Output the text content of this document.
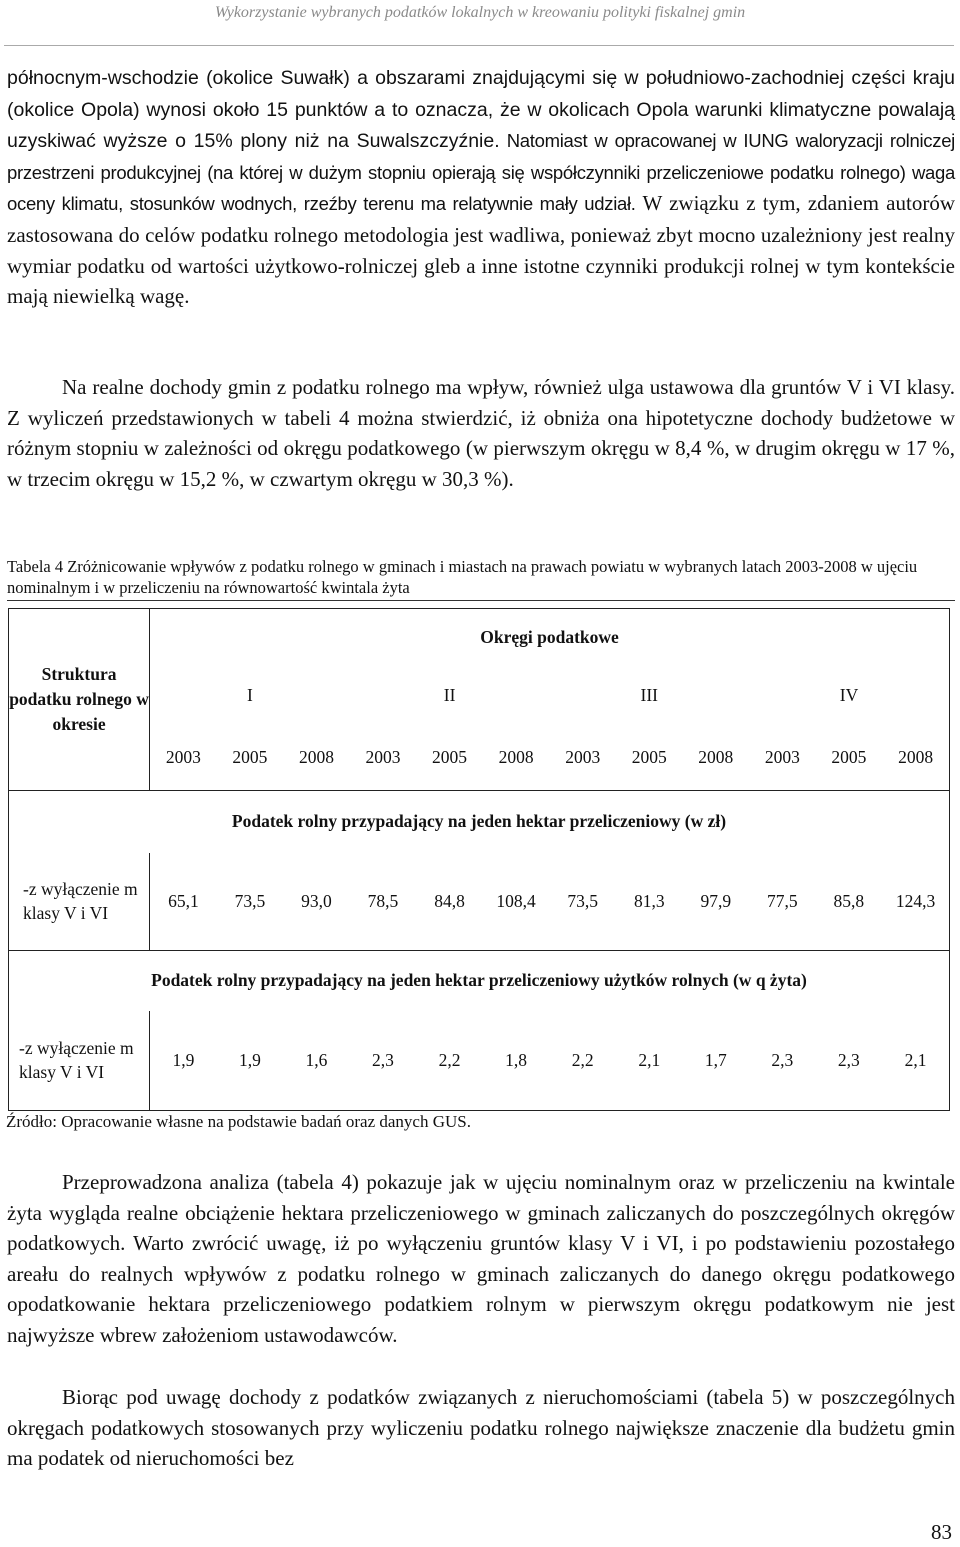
Wykorzystanie wybranych podatków lokalnych w kreowaniu polityki fiskalnej gmin

północnym-wschodzie (okolice Suwałk) a obszarami znajdującymi się w południowo-zachodniej części kraju (okolice Opola) wynosi około 15 punktów a to oznacza, że w okolicach Opola warunki klimatyczne powalają uzyskiwać wyższe o 15% plony niż na Suwalszczyźnie. Natomiast w opracowanej w IUNG waloryzacji rolniczej przestrzeni produkcyjnej (na której w dużym stopniu opierają się współczynniki przeliczeniowe podatku rolnego) waga oceny klimatu, stosunków wodnych, rzeźby terenu ma relatywnie mały udział. W związku z tym, zdaniem autorów zastosowana do celów podatku rolnego metodologia jest wadliwa, ponieważ zbyt mocno uzależniony jest realny wymiar podatku od wartości użytkowo-rolniczej gleb a inne istotne czynniki produkcji rolnej w tym kontekście mają niewielką wagę.

Na realne dochody gmin z podatku rolnego ma wpływ, również ulga ustawowa dla gruntów V i VI klasy. Z wyliczeń przedstawionych w tabeli 4 można stwierdzić, iż obniża ona hipotetyczne dochody budżetowe w różnym stopniu w zależności od okręgu podatkowego (w pierwszym okręgu w 8,4 %, w drugim okręgu w 17 %, w trzecim okręgu w 15,2 %, w czwartym okręgu w 30,3 %).

Tabela 4 Zróżnicowanie wpływów z podatku rolnego w gminach i miastach na prawach powiatu w wybranych latach 2003-2008 w ujęciu nominalnym i w przeliczeniu na równowartość kwintala żyta

Struktura podatku rolnego w okresie	Okręgi podatkowe											
	I			II			III			IV		
	2003	2005	2008	2003	2005	2008	2003	2005	2008	2003	2005	2008
Podatek rolny przypadający na jeden hektar przeliczeniowy (w zł)												
-z wyłączenie m klasy V i VI	65,1	73,5	93,0	78,5	84,8	108,4	73,5	81,3	97,9	77,5	85,8	124,3
Podatek rolny przypadający na jeden hektar przeliczeniowy użytków rolnych (w q żyta)												
-z wyłączenie m klasy V i VI	1,9	1,9	1,6	2,3	2,2	1,8	2,2	2,1	1,7	2,3	2,3	2,1
Źródło: Opracowanie własne na podstawie badań oraz danych GUS.

Przeprowadzona analiza (tabela 4) pokazuje jak w ujęciu nominalnym oraz w przeliczeniu na kwintale żyta wygląda realne obciążenie hektara przeliczeniowego w gminach zaliczanych do poszczególnych okręgów podatkowych. Warto zwrócić uwagę, iż po wyłączeniu gruntów klasy V i VI, i po podstawieniu pozostałego areału do realnych wpływów z podatku rolnego w gminach zaliczanych do danego okręgu podatkowego opodatkowanie hektara przeliczeniowego podatkiem rolnym w pierwszym okręgu podatkowym nie jest najwyższe wbrew założeniom ustawodawców.

Biorąc pod uwagę dochody z podatków związanych z nieruchomościami (tabela 5) w poszczególnych okręgach podatkowych stosowanych przy wyliczeniu podatku rolnego największe znaczenie dla budżetu gmin ma podatek od nieruchomości bez

83
